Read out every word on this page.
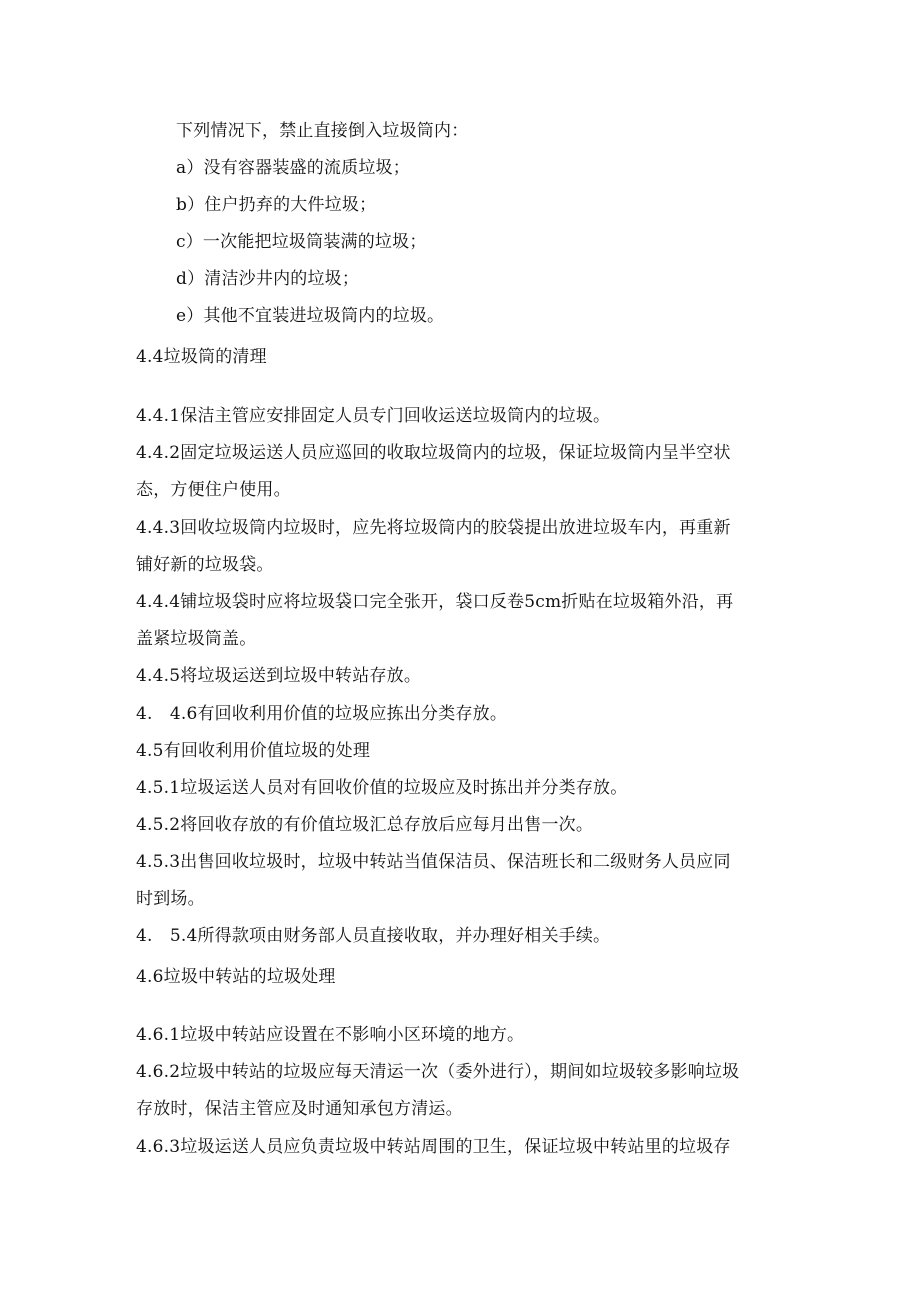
下列情况下，禁止直接倒入垃圾筒内：
a）没有容器装盛的流质垃圾；
b）住户扔弃的大件垃圾；
c）一次能把垃圾筒装满的垃圾；
d）清洁沙井内的垃圾；
e）其他不宜装进垃圾筒内的垃圾。
4.4垃圾筒的清理
4.4.1保洁主管应安排固定人员专门回收运送垃圾筒内的垃圾。
4.4.2固定垃圾运送人员应巡回的收取垃圾筒内的垃圾，保证垃圾筒内呈半空状
态，方便住户使用。
4.4.3回收垃圾筒内垃圾时，应先将垃圾筒内的胶袋提出放进垃圾车内，再重新
铺好新的垃圾袋。
4.4.4铺垃圾袋时应将垃圾袋口完全张开，袋口反卷5cm折贴在垃圾箱外沿，再
盖紧垃圾筒盖。
4.4.5将垃圾运送到垃圾中转站存放。
4.　4.6有回收利用价值的垃圾应拣出分类存放。
4.5有回收利用价值垃圾的处理
4.5.1垃圾运送人员对有回收价值的垃圾应及时拣出并分类存放。
4.5.2将回收存放的有价值垃圾汇总存放后应每月出售一次。
4.5.3出售回收垃圾时，垃圾中转站当值保洁员、保洁班长和二级财务人员应同
时到场。
4.　5.4所得款项由财务部人员直接收取，并办理好相关手续。
4.6垃圾中转站的垃圾处理
4.6.1垃圾中转站应设置在不影响小区环境的地方。
4.6.2垃圾中转站的垃圾应每天清运一次（委外进行），期间如垃圾较多影响垃圾
存放时，保洁主管应及时通知承包方清运。
4.6.3垃圾运送人员应负责垃圾中转站周围的卫生，保证垃圾中转站里的垃圾存
